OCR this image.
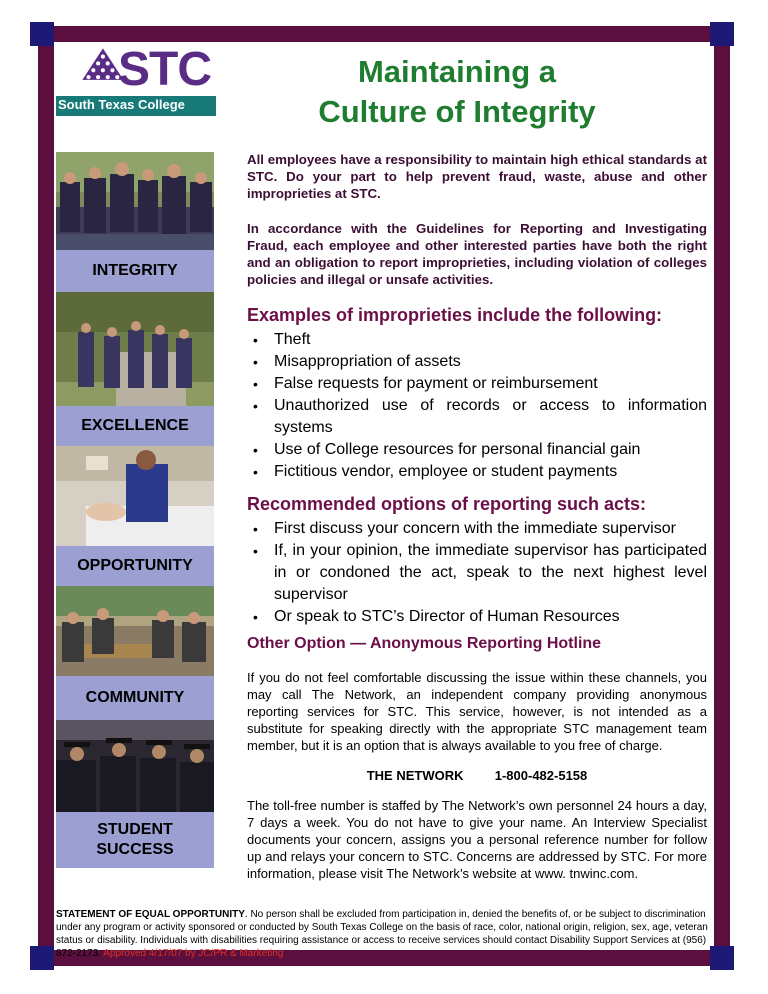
STC
South Texas College
Maintaining a
Culture of Integrity
INTEGRITY
EXCELLENCE
OPPORTUNITY
COMMUNITY
STUDENT
SUCCESS
All employees have a responsibility to maintain high ethical standards at STC. Do your part to help prevent fraud, waste, abuse and other improprieties at STC.
In accordance with the Guidelines for Reporting and Investigating Fraud, each employee and other interested parties have both the right and an obligation to report improprieties, including violation of colleges policies and illegal or unsafe activities.
Examples of improprieties include the following:
• Theft
• Misappropriation of assets
• False requests for payment or reimbursement
• Unauthorized use of records or access to information systems
• Use of College resources for personal financial gain
• Fictitious vendor, employee or student payments
Recommended options of reporting such acts:
• First discuss your concern with the immediate supervisor
• If, in your opinion, the immediate supervisor has participated in or condoned the act, speak to the next highest level supervisor
• Or speak to STC’s Director of Human Resources
Other Option — Anonymous Reporting Hotline
If you do not feel comfortable discussing the issue within these channels, you may call The Network, an independent company providing anonymous reporting services for STC. This service, however, is not intended as a substitute for speaking directly with the appropriate STC management team member, but it is an option that is always available to you free of charge.
THE NETWORK 1-800-482-5158
The toll-free number is staffed by The Network’s own personnel 24 hours a day, 7 days a week. You do not have to give your name. An Interview Specialist documents your concern, assigns you a personal reference number for follow up and relays your concern to STC. Concerns are addressed by STC. For more information, please visit The Network’s website at www. tnwinc.com.
STATEMENT OF EQUAL OPPORTUNITY. No person shall be excluded from participation in, denied the benefits of, or be subject to discrimination under any program or activity sponsored or conducted by South Texas College on the basis of race, color, national origin, religion, sex, age, veteran status or disability. Individuals with disabilities requiring assistance or access to receive services should contact Disability Support Services at (956) 872-2173. Approved 4/17/07 by JC/PR & Marketing
